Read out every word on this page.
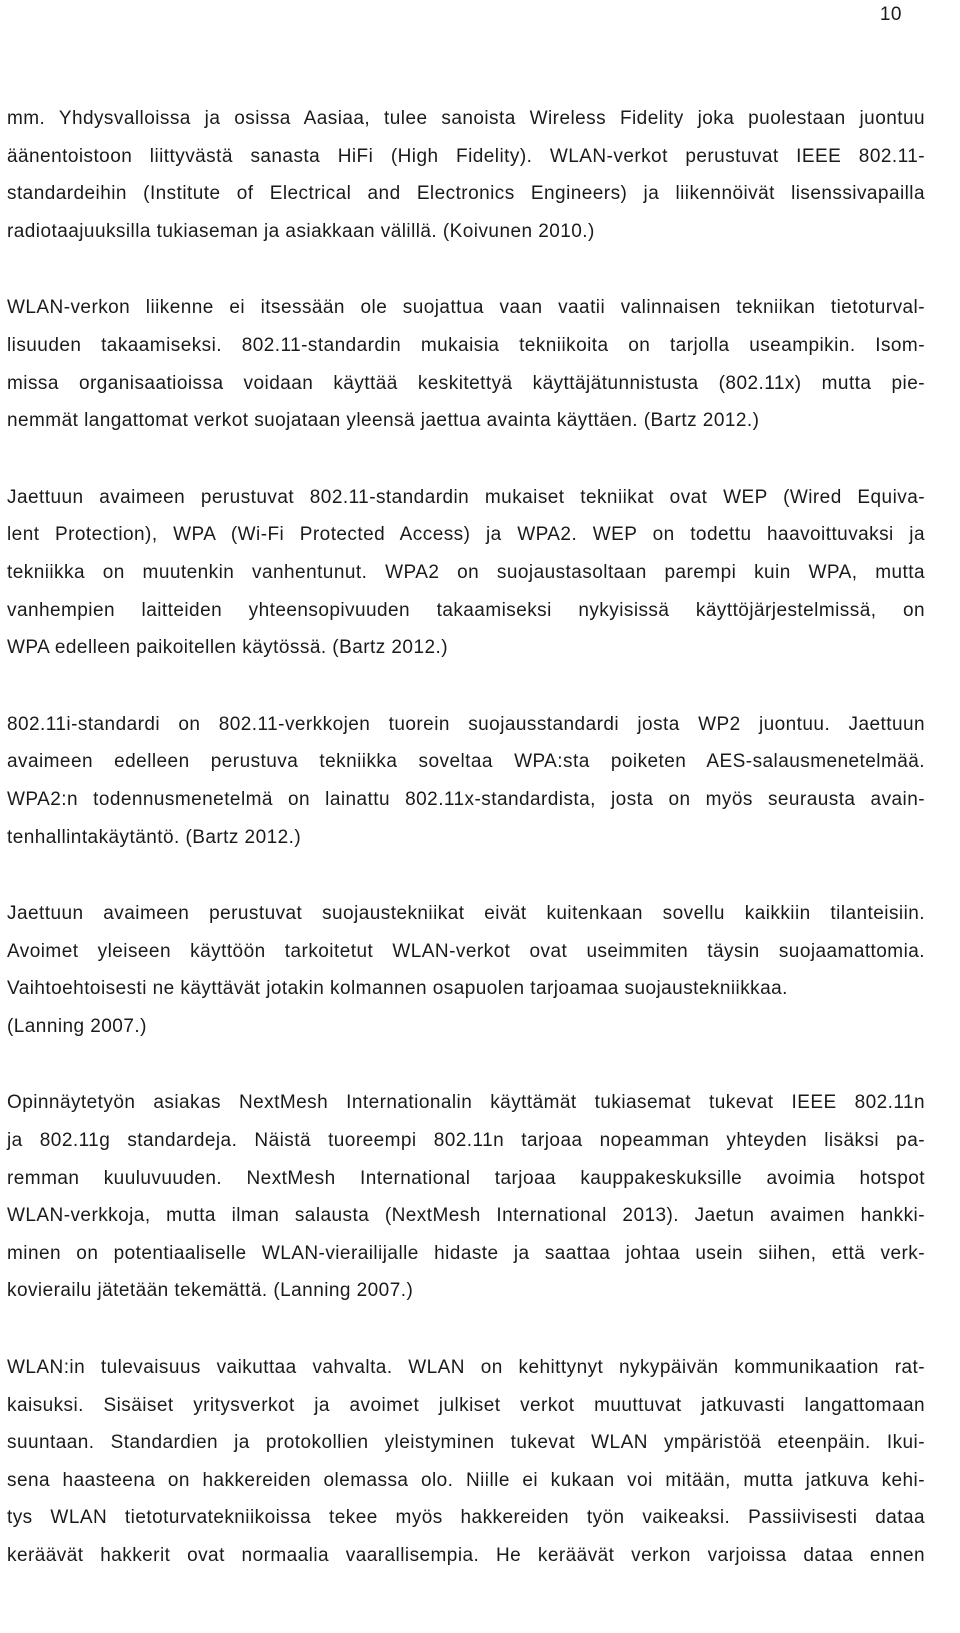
10
mm. Yhdysvalloissa ja osissa Aasiaa, tulee sanoista Wireless Fidelity joka puolestaan juontuu
äänentoistoon liittyvästä sanasta HiFi (High Fidelity). WLAN-verkot perustuvat IEEE 802.11-
standardeihin (Institute of Electrical and Electronics Engineers) ja liikennöivät lisenssivapailla
radiotaajuuksilla tukiaseman ja asiakkaan välillä. (Koivunen 2010.)
WLAN-verkon liikenne ei itsessään ole suojattua vaan vaatii valinnaisen tekniikan tietoturval-
lisuuden takaamiseksi. 802.11-standardin mukaisia tekniikoita on tarjolla useampikin. Isom-
missa organisaatioissa voidaan käyttää keskitettyä käyttäjätunnistusta (802.11x) mutta pie-
nemmät langattomat verkot suojataan yleensä jaettua avainta käyttäen. (Bartz 2012.)
Jaettuun avaimeen perustuvat 802.11-standardin mukaiset tekniikat ovat WEP (Wired Equiva-
lent Protection), WPA (Wi-Fi Protected Access) ja WPA2. WEP on todettu haavoittuvaksi ja
tekniikka on muutenkin vanhentunut. WPA2 on suojaustasoltaan parempi kuin WPA, mutta
vanhempien laitteiden yhteensopivuuden takaamiseksi nykyisissä käyttöjärjestelmissä, on
WPA edelleen paikoitellen käytössä. (Bartz 2012.)
802.11i-standardi on 802.11-verkkojen tuorein suojausstandardi josta WP2 juontuu. Jaettuun
avaimeen edelleen perustuva tekniikka soveltaa WPA:sta poiketen AES-salausmenetelmää.
WPA2:n todennusmenetelmä on lainattu 802.11x-standardista, josta on myös seurausta avain-
tenhallintakäytäntö. (Bartz 2012.)
Jaettuun avaimeen perustuvat suojaustekniikat eivät kuitenkaan sovellu kaikkiin tilanteisiin.
Avoimet yleiseen käyttöön tarkoitetut WLAN-verkot ovat useimmiten täysin suojaamattomia.
Vaihtoehtoisesti ne käyttävät jotakin kolmannen osapuolen tarjoamaa suojaustekniikkaa.
(Lanning 2007.)
Opinnäytetyön asiakas NextMesh Internationalin käyttämät tukiasemat tukevat IEEE 802.11n
ja 802.11g standardeja. Näistä tuoreempi 802.11n tarjoaa nopeamman yhteyden lisäksi pa-
remman kuuluvuuden. NextMesh International tarjoaa kauppakeskuksille avoimia hotspot
WLAN-verkkoja, mutta ilman salausta (NextMesh International 2013). Jaetun avaimen hankki-
minen on potentiaaliselle WLAN-vierailijalle hidaste ja saattaa johtaa usein siihen, että verk-
kovierailu jätetään tekemättä. (Lanning 2007.)
WLAN:in tulevaisuus vaikuttaa vahvalta. WLAN on kehittynyt nykypäivän kommunikaation rat-
kaisuksi. Sisäiset yritysverkot ja avoimet julkiset verkot muuttuvat jatkuvasti langattomaan
suuntaan. Standardien ja protokollien yleistyminen tukevat WLAN ympäristöä eteenpäin. Ikui-
sena haasteena on hakkereiden olemassa olo. Niille ei kukaan voi mitään, mutta jatkuva kehi-
tys WLAN tietoturvatekniikoissa tekee myös hakkereiden työn vaikeaksi. Passiivisesti dataa
keräävät hakkerit ovat normaalia vaarallisempia. He keräävät verkon varjoissa dataa ennen
